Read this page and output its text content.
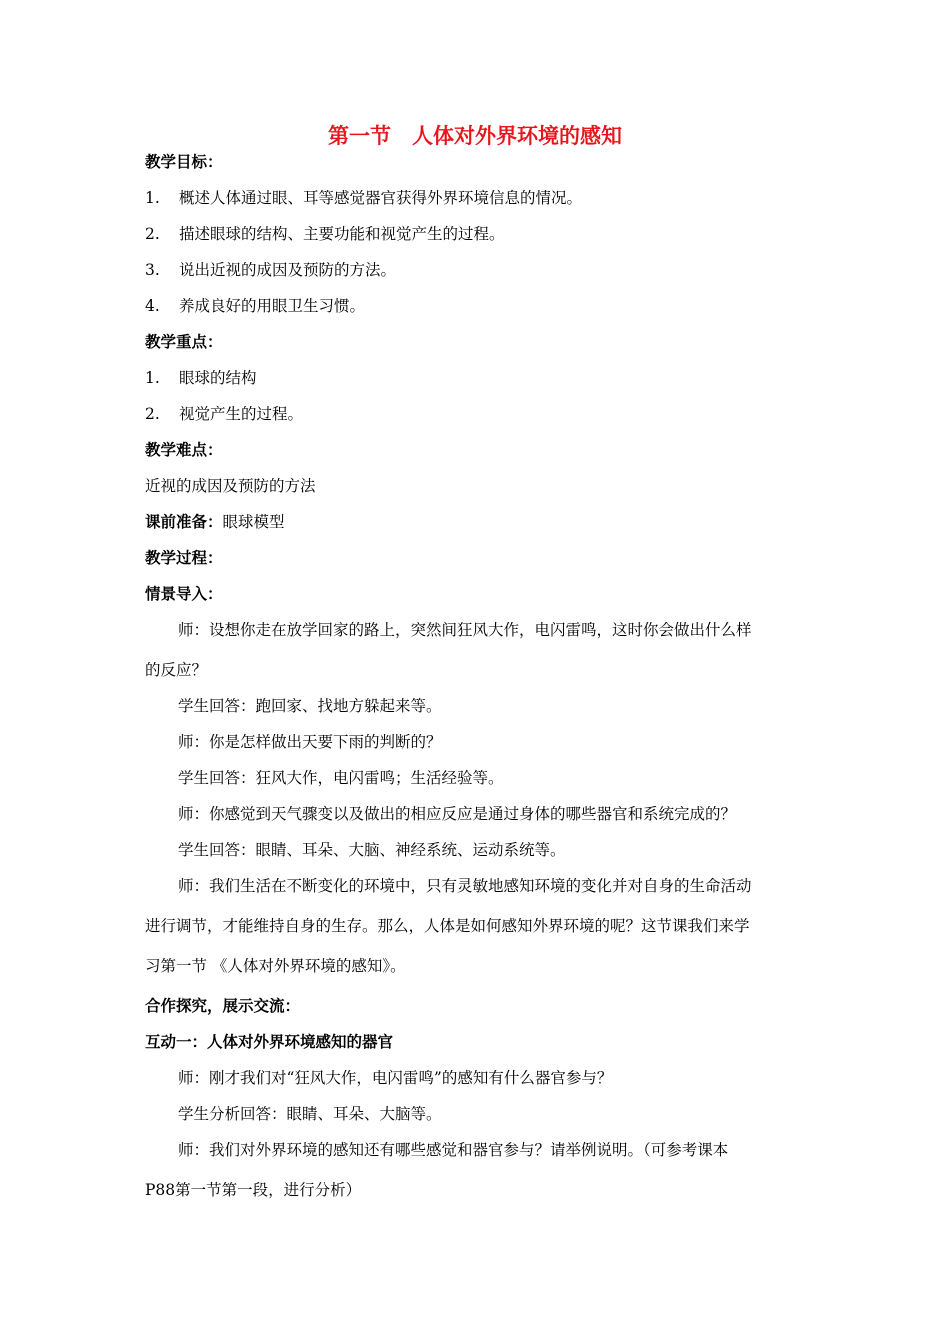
第一节　人体对外界环境的感知
教学目标：
1. 概述人体通过眼、耳等感觉器官获得外界环境信息的情况。
2. 描述眼球的结构、主要功能和视觉产生的过程。
3. 说出近视的成因及预防的方法。
4. 养成良好的用眼卫生习惯。
教学重点：
1. 眼球的结构
2. 视觉产生的过程。
教学难点：
近视的成因及预防的方法
课前准备：眼球模型
教学过程：
情景导入：
师：设想你走在放学回家的路上，突然间狂风大作，电闪雷鸣，这时你会做出什么样
的反应？
学生回答：跑回家、找地方躲起来等。
师：你是怎样做出天要下雨的判断的？
学生回答：狂风大作，电闪雷鸣；生活经验等。
师：你感觉到天气骤变以及做出的相应反应是通过身体的哪些器官和系统完成的？
学生回答：眼睛、耳朵、大脑、神经系统、运动系统等。
师：我们生活在不断变化的环境中，只有灵敏地感知环境的变化并对自身的生命活动
进行调节，才能维持自身的生存。那么，人体是如何感知外界环境的呢？这节课我们来学
习第一节 《人体对外界环境的感知》。
合作探究，展示交流：
互动一：人体对外界环境感知的器官
师：刚才我们对“狂风大作，电闪雷鸣”的感知有什么器官参与？
学生分析回答：眼睛、耳朵、大脑等。
师：我们对外界环境的感知还有哪些感觉和器官参与？请举例说明。（可参考课本
P88第一节第一段，进行分析）
